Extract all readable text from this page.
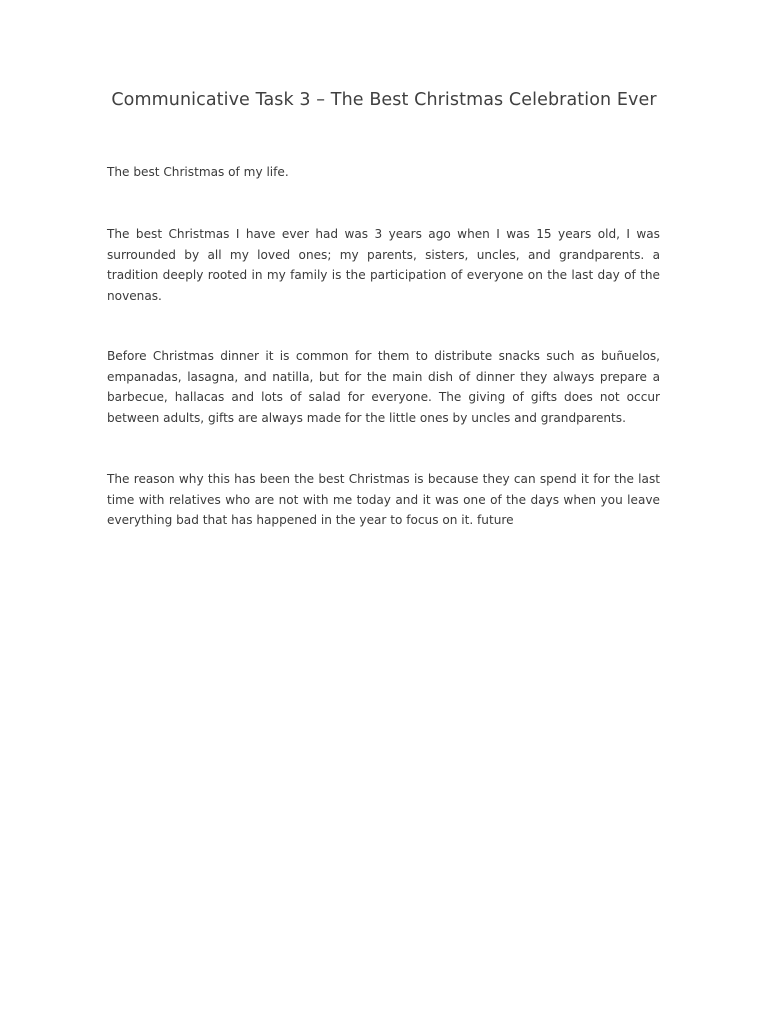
Communicative Task 3 – The Best Christmas Celebration Ever

The best Christmas of my life.

The best Christmas I have ever had was 3 years ago when I was 15 years old, I was surrounded by all my loved ones; my parents, sisters, uncles, and grandparents. a tradition deeply rooted in my family is the participation of everyone on the last day of the novenas.

Before Christmas dinner it is common for them to distribute snacks such as buñuelos, empanadas, lasagna, and natilla, but for the main dish of dinner they always prepare a barbecue, hallacas and lots of salad for everyone. The giving of gifts does not occur between adults, gifts are always made for the little ones by uncles and grandparents.

The reason why this has been the best Christmas is because they can spend it for the last time with relatives who are not with me today and it was one of the days when you leave everything bad that has happened in the year to focus on it. future
